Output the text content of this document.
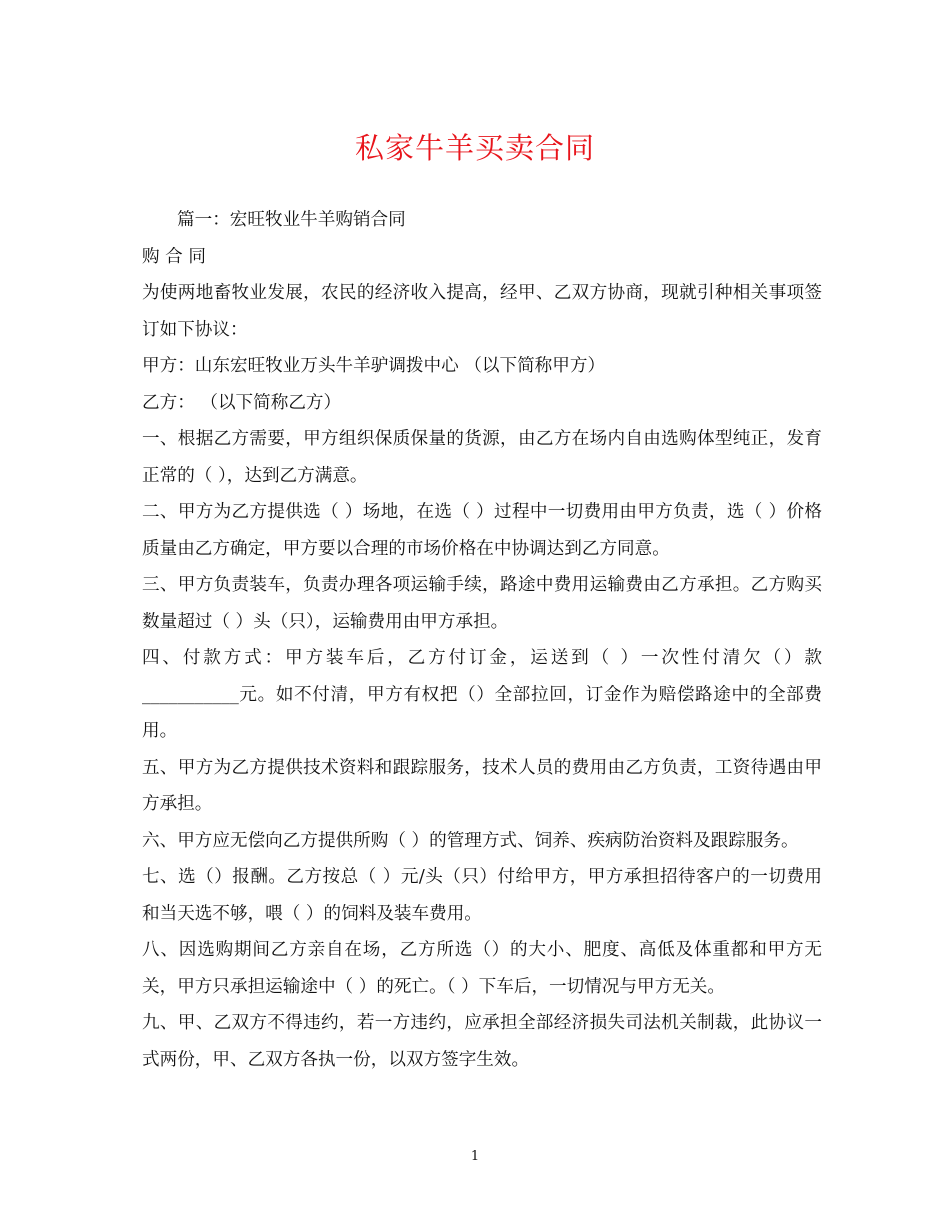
私家牛羊买卖合同

篇一：宏旺牧业牛羊购销合同

购 合 同

为使两地畜牧业发展，农民的经济收入提高，经甲、乙双方协商，现就引种相关事项签订如下协议：

甲方：山东宏旺牧业万头牛羊驴调拨中心 （以下简称甲方）

乙方： （以下简称乙方）

一、根据乙方需要，甲方组织保质保量的货源，由乙方在场内自由选购体型纯正，发育正常的（ ），达到乙方满意。

二、甲方为乙方提供选（ ）场地，在选（ ）过程中一切费用由甲方负责，选（ ）价格质量由乙方确定，甲方要以合理的市场价格在中协调达到乙方同意。

三、甲方负责装车，负责办理各项运输手续，路途中费用运输费由乙方承担。乙方购买数量超过（ ）头（只），运输费用由甲方承担。

四、付款方式：甲方装车后，乙方付订金，运送到（ ）一次性付清欠（）款___________元。如不付清，甲方有权把（）全部拉回，订金作为赔偿路途中的全部费用。

五、甲方为乙方提供技术资料和跟踪服务，技术人员的费用由乙方负责，工资待遇由甲方承担。

六、甲方应无偿向乙方提供所购（ ）的管理方式、饲养、疾病防治资料及跟踪服务。

七、选（）报酬。乙方按总（ ）元/头（只）付给甲方，甲方承担招待客户的一切费用和当天选不够，喂（ ）的饲料及装车费用。

八、因选购期间乙方亲自在场，乙方所选（）的大小、肥度、高低及体重都和甲方无关，甲方只承担运输途中（ ）的死亡。（ ）下车后，一切情况与甲方无关。

九、甲、乙双方不得违约，若一方违约，应承担全部经济损失司法机关制裁，此协议一式两份，甲、乙双方各执一份，以双方签字生效。

1
